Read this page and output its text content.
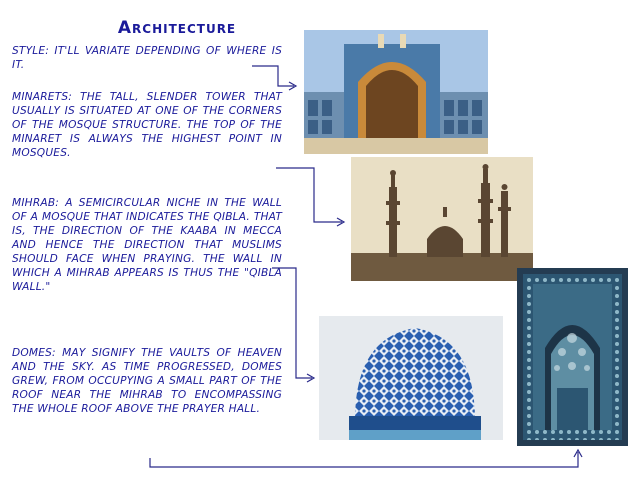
Architecture
STYLE: IT'LL VARIATE DEPENDING OF WHERE IS IT.
MINARETS: THE TALL, SLENDER TOWER THAT USUALLY IS SITUATED AT ONE OF THE CORNERS OF THE MOSQUE STRUCTURE. THE TOP OF THE MINARET IS ALWAYS THE HIGHEST POINT IN MOSQUES.
MIHRAB: A SEMICIRCULAR NICHE IN THE WALL OF A MOSQUE THAT INDICATES THE QIBLA. THAT IS, THE DIRECTION OF THE KAABA IN MECCA AND HENCE THE DIRECTION THAT MUSLIMS SHOULD FACE WHEN PRAYING. THE WALL IN WHICH A MIHRAB APPEARS IS THUS THE "QIBLA WALL."
DOMES: MAY SIGNIFY THE VAULTS OF HEAVEN AND THE SKY. AS TIME PROGRESSED, DOMES GREW, FROM OCCUPYING A SMALL PART OF THE ROOF NEAR THE MIHRAB TO ENCOMPASSING THE WHOLE ROOF ABOVE THE PRAYER HALL.
